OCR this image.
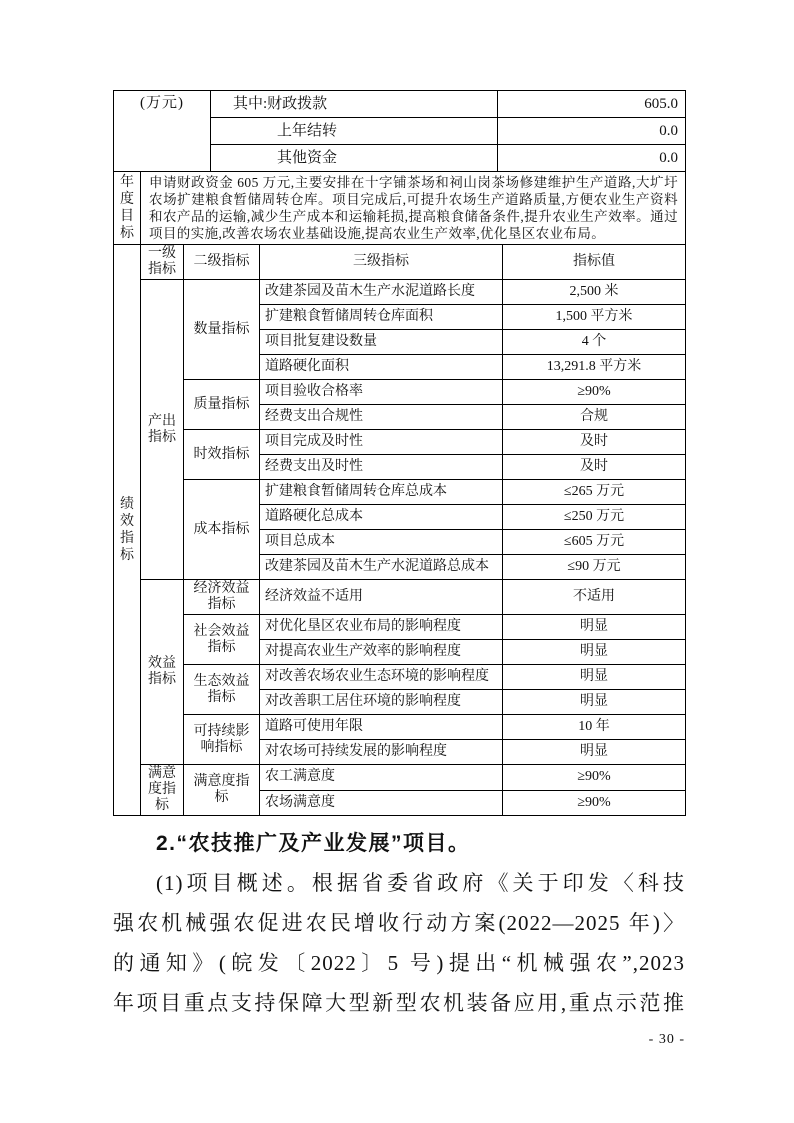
(万元)	其中:财政拨款	605.0
	上年结转	0.0
	其他资金	0.0
年度目标	申请财政资金 605 万元,主要安排在十字铺茶场和祠山岗茶场修建维护生产道路,大圹圩农场扩建粮食暂储周转仓库。项目完成后,可提升农场生产道路质量,方便农业生产资料和农产品的运输,减少生产成本和运输耗损,提高粮食储备条件,提升农业生产效率。通过项目的实施,改善农场农业基础设施,提高农业生产效率,优化垦区农业布局。
绩效指标	一级指标	二级指标	三级指标	指标值
	产出指标	数量指标	改建茶园及苗木生产水泥道路长度	2,500 米
			扩建粮食暂储周转仓库面积	1,500 平方米
			项目批复建设数量	4 个
			道路硬化面积	13,291.8 平方米
		质量指标	项目验收合格率	≥90%
			经费支出合规性	合规
		时效指标	项目完成及时性	及时
			经费支出及时性	及时
		成本指标	扩建粮食暂储周转仓库总成本	≤265 万元
			道路硬化总成本	≤250 万元
			项目总成本	≤605 万元
			改建茶园及苗木生产水泥道路总成本	≤90 万元
	效益指标	经济效益指标	经济效益不适用	不适用
		社会效益指标	对优化垦区农业布局的影响程度	明显
			对提高农业生产效率的影响程度	明显
		生态效益指标	对改善农场农业生态环境的影响程度	明显
			对改善职工居住环境的影响程度	明显
		可持续影响指标	道路可使用年限	10 年
			对农场可持续发展的影响程度	明显
	满意度指标	满意度指标	农工满意度	≥90%
			农场满意度	≥90%
2.“农技推广及产业发展”项目。
(1)项目概述。根据省委省政府《关于印发〈科技
强农机械强农促进农民增收行动方案(2022—2025 年)〉
的通知》(皖发〔2022〕5 号)提出“机械强农”,2023
年项目重点支持保障大型新型农机装备应用,重点示范推
- 30 -
